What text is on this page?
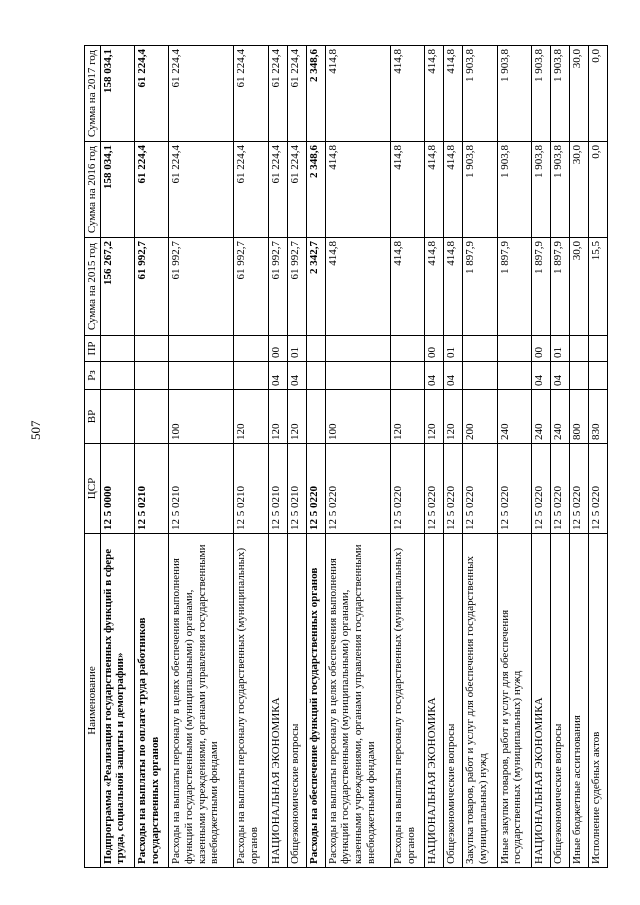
507
Наименование	ЦСР	ВР	Рз	ПР	Сумма на 2015 год	Сумма на 2016 год	Сумма на 2017 год
Подпрограмма «Реализация государственных функций в сфере труда, социальной защиты и демографии»	12 5 0000				156 267,2	158 034,1	158 034,1
Расходы на выплаты по оплате труда работников государственных органов	12 5 0210				61 992,7	61 224,4	61 224,4
Расходы на выплаты персоналу в целях обеспечения выполнения функций государственными (муниципальными) органами, казенными учреждениями, органами управления государственными внебюджетными фондами	12 5 0210	100			61 992,7	61 224,4	61 224,4
Расходы на выплаты персоналу государственных (муниципальных) органов	12 5 0210	120			61 992,7	61 224,4	61 224,4
НАЦИОНАЛЬНАЯ ЭКОНОМИКА	12 5 0210	120	04	00	61 992,7	61 224,4	61 224,4
Общеэкономические вопросы	12 5 0210	120	04	01	61 992,7	61 224,4	61 224,4
Расходы на обеспечение функций государственных органов	12 5 0220				2 342,7	2 348,6	2 348,6
Расходы на выплаты персоналу в целях обеспечения выполнения функций государственными (муниципальными) органами, казенными учреждениями, органами управления государственными внебюджетными фондами	12 5 0220	100			414,8	414,8	414,8
Расходы на выплаты персоналу государственных (муниципальных) органов	12 5 0220	120			414,8	414,8	414,8
НАЦИОНАЛЬНАЯ ЭКОНОМИКА	12 5 0220	120	04	00	414,8	414,8	414,8
Общеэкономические вопросы	12 5 0220	120	04	01	414,8	414,8	414,8
Закупка товаров, работ и услуг для обеспечения государственных (муниципальных) нужд	12 5 0220	200			1 897,9	1 903,8	1 903,8
Иные закупки товаров, работ и услуг для обеспечения государственных (муниципальных) нужд	12 5 0220	240			1 897,9	1 903,8	1 903,8
НАЦИОНАЛЬНАЯ ЭКОНОМИКА	12 5 0220	240	04	00	1 897,9	1 903,8	1 903,8
Общеэкономические вопросы	12 5 0220	240	04	01	1 897,9	1 903,8	1 903,8
Иные бюджетные ассигнования	12 5 0220	800			30,0	30,0	30,0
Исполнение судебных актов	12 5 0220	830			15,5	0,0	0,0
